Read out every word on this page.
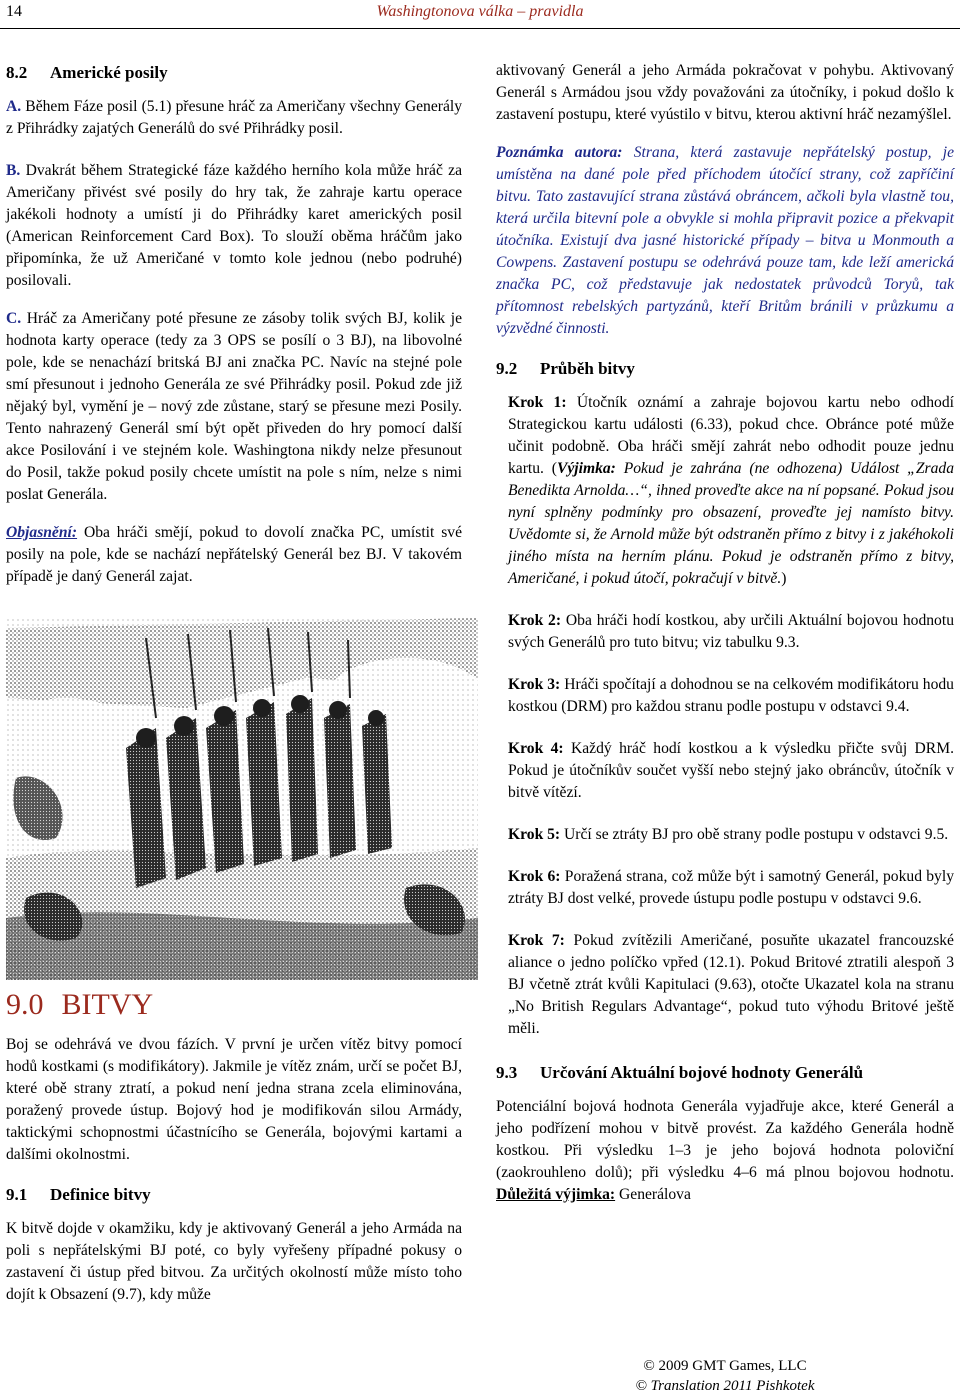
14	Washingtonova válka – pravidla
8.2 Americké posily

A. Během Fáze posil (5.1) přesune hráč za Američany všechny Generály z Přihrádky zajatých Generálů do své Přihrádky posil.

B. Dvakrát během Strategické fáze každého herního kola může hráč za Američany přivést své posily do hry tak, že zahraje kartu operace jakékoli hodnoty a umístí ji do Přihrádky karet amerických posil (American Reinforcement Card Box). To slouží oběma hráčům jako připomínka, že už Američané v tomto kole jednou (nebo podruhé) posilovali.

C. Hráč za Američany poté přesune ze zásoby tolik svých BJ, kolik je hodnota karty operace (tedy za 3 OPS se posílí o 3 BJ), na libovolné pole, kde se nenachází britská BJ ani značka PC. Navíc na stejné pole smí přesunout i jednoho Generála ze své Přihrádky posil. Pokud zde již nějaký byl, vymění je – nový zde zůstane, starý se přesune mezi Posily. Tento nahrazený Generál smí být opět přiveden do hry pomocí další akce Posilování i ve stejném kole. Washingtona nikdy nelze přesunout do Posil, takže pokud posily chcete umístit na pole s ním, nelze s nimi poslat Generála.

Objasnění: Oba hráči smějí, pokud to dovolí značka PC, umístit své posily na pole, kde se nachází nepřátelský Generál bez BJ. V takovém případě je daný Generál zajat.

9.0 BITVY

Boj se odehrává ve dvou fázích. V první je určen vítěz bitvy pomocí hodů kostkami (s modifikátory). Jakmile je vítěz znám, určí se počet BJ, které obě strany ztratí, a pokud není jedna strana zcela eliminována, poražený provede ústup. Bojový hod je modifikován silou Armády, taktickými schopnostmi účastnícího se Generála, bojovými kartami a dalšími okolnostmi.

9.1 Definice bitvy

K bitvě dojde v okamžiku, kdy je aktivovaný Generál a jeho Armáda na poli s nepřátelskými BJ poté, co byly vyřešeny případné pokusy o zastavení či ústup před bitvou. Za určitých okolností může místo toho dojít k Obsazení (9.7), kdy může

aktivovaný Generál a jeho Armáda pokračovat v pohybu. Aktivovaný Generál s Armádou jsou vždy považováni za útočníky, i pokud došlo k zastavení postupu, které vyústilo v bitvu, kterou aktivní hráč nezamýšlel.

Poznámka autora: Strana, která zastavuje nepřátelský postup, je umístěna na dané pole před příchodem útočící strany, což zapříčiní bitvu. Tato zastavující strana zůstává obráncem, ačkoli byla vlastně tou, která určila bitevní pole a obvykle si mohla připravit pozice a překvapit útočníka. Existují dva jasné historické případy – bitva u Monmouth a Cowpens. Zastavení postupu se odehrává pouze tam, kde leží americká značka PC, což představuje jak nedostatek průvodců Toryů, tak přítomnost rebelských partyzánů, kteří Britům bránili v průzkumu a výzvědné činnosti.

9.2 Průběh bitvy

Krok 1: Útočník oznámí a zahraje bojovou kartu nebo odhodí Strategickou kartu události (6.33), pokud chce. Obránce poté může učinit podobně. Oba hráči smějí zahrát nebo odhodit pouze jednu kartu. (Výjimka: Pokud je zahrána (ne odhozena) Událost „Zrada Benedikta Arnolda…“, ihned proveďte akce na ní popsané. Pokud jsou nyní splněny podmínky pro obsazení, proveďte jej namísto bitvy. Uvědomte si, že Arnold může být odstraněn přímo z bitvy i z jakéhokoli jiného místa na herním plánu. Pokud je odstraněn přímo z bitvy, Američané, i pokud útočí, pokračují v bitvě.)

Krok 2: Oba hráči hodí kostkou, aby určili Aktuální bojovou hodnotu svých Generálů pro tuto bitvu; viz tabulku 9.3.

Krok 3: Hráči spočítají a dohodnou se na celkovém modifikátoru hodu kostkou (DRM) pro každou stranu podle postupu v odstavci 9.4.

Krok 4: Každý hráč hodí kostkou a k výsledku přičte svůj DRM. Pokud je útočníkův součet vyšší nebo stejný jako obráncův, útočník v bitvě vítězí.

Krok 5: Určí se ztráty BJ pro obě strany podle postupu v odstavci 9.5.

Krok 6: Poražená strana, což může být i samotný Generál, pokud byly ztráty BJ dost velké, provede ústupu podle postupu v odstavci 9.6.

Krok 7: Pokud zvítězili Američané, posuňte ukazatel francouzské aliance o jedno políčko vpřed (12.1). Pokud Britové ztratili alespoň 3 BJ včetně ztrát kvůli Kapitulaci (9.63), otočte Ukazatel kola na stranu „No British Regulars Advantage“, pokud tuto výhodu Britové ještě měli.

9.3 Určování Aktuální bojové hodnoty Generálů

Potenciální bojová hodnota Generála vyjadřuje akce, které Generál a jeho podřízení mohou v bitvě provést. Za každého Generála hodně kostkou. Při výsledku 1–3 je jeho bojová hodnota poloviční (zaokrouhleno dolů); při výsledku 4–6 má plnou bojovou hodnotu. Důležitá výjimka: Generálova

© 2009 GMT Games, LLC
© Translation 2011 Pishkotek
